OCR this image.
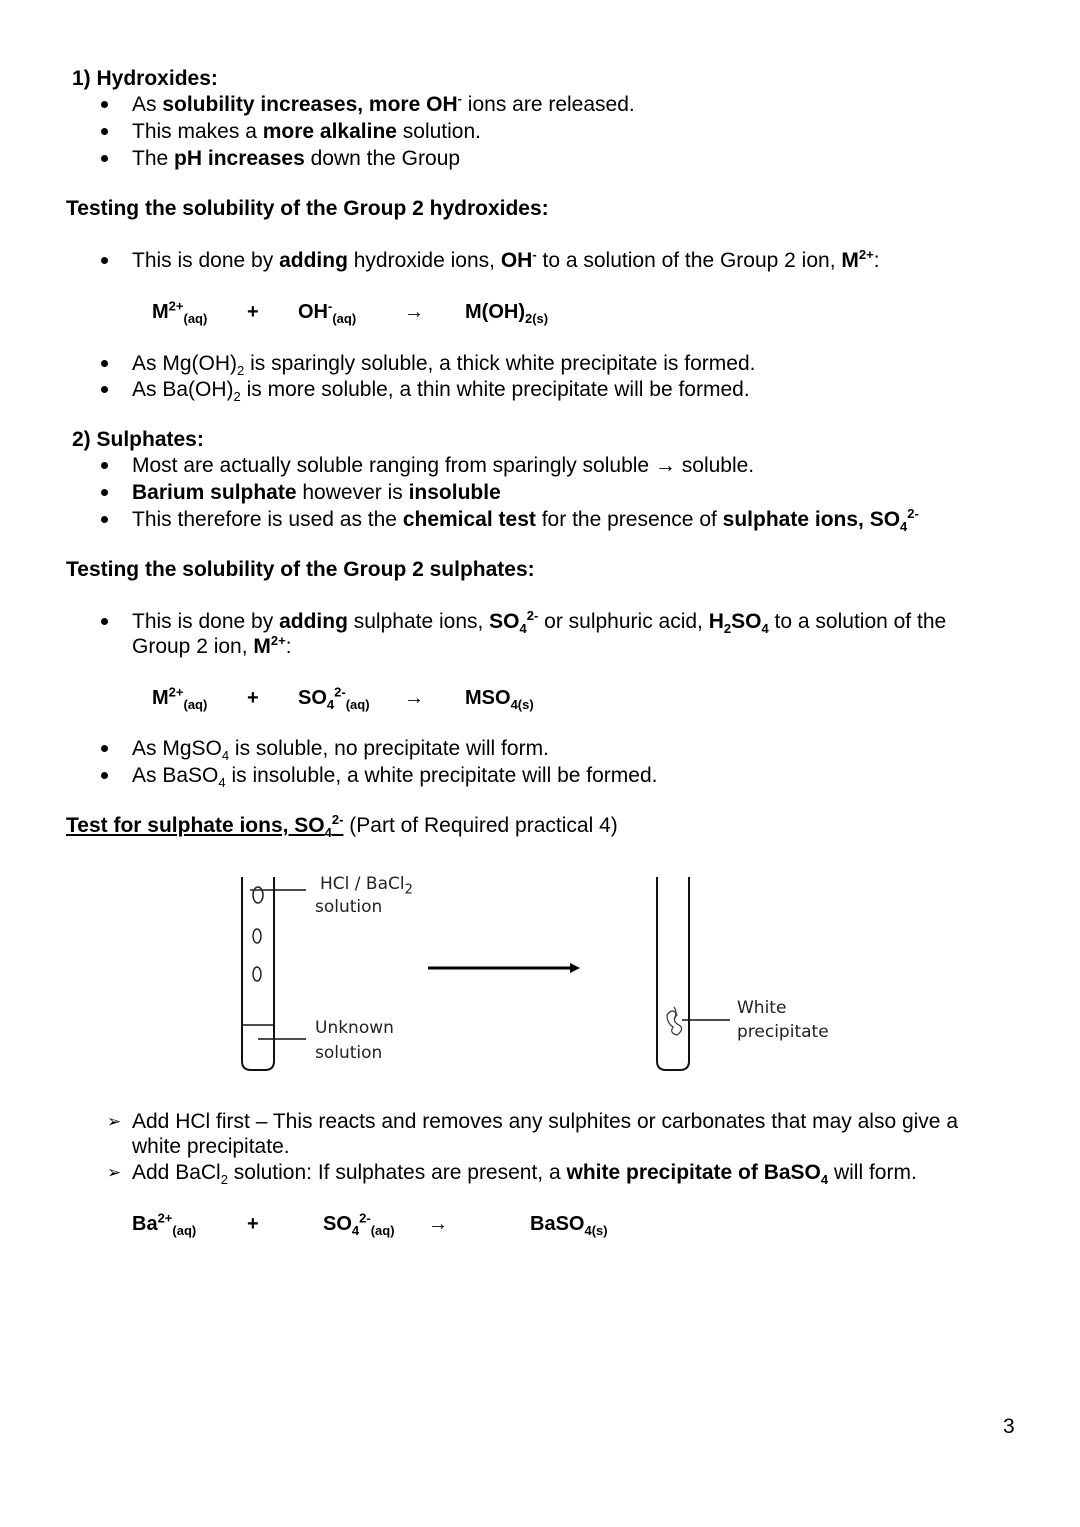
1) Hydroxides:
As solubility increases, more OH- ions are released.
This makes a more alkaline solution.
The pH increases down the Group
Testing the solubility of the Group 2 hydroxides:
This is done by adding hydroxide ions, OH- to a solution of the Group 2 ion, $M^{2+}$:
$M^{2+}_{(aq)} + OH^-_{(aq)} \to M(OH)_{2(s)}$
As $Mg(OH)_2$ is sparingly soluble, a thick white precipitate is formed.
As $Ba(OH)_2$ is more soluble, a thin white precipitate will be formed.
2) Sulphates:
Most are actually soluble ranging from sparingly soluble → soluble.
Barium sulphate however is insoluble
This therefore is used as the chemical test for the presence of sulphate ions, $SO_4^{2-}$
Testing the solubility of the Group 2 sulphates:
This is done by adding sulphate ions, $SO_4^{2-}$ or sulphuric acid, $H_2SO_4$ to a solution of the
Group 2 ion, $M^{2+}$:
$M^{2+}_{(aq)} + SO_4^{2-}_{(aq)} \to MSO_{4(s)}$
As MgSO$_4$ is soluble, no precipitate will form.
As BaSO$_4$ is insoluble, a white precipitate will be formed.
Test for sulphate ions, $SO_4^{2-}$ (Part of Required practical 4)
HCl / BaCl$_2$
solution
Unknown
solution
White
precipitate
➢ Add HCl first – This reacts and removes any sulphites or carbonates that may also give a
white precipitate.
➢ Add BaCl$_2$ solution: If sulphates are present, a white precipitate of BaSO$_4$ will form.
$Ba^{2+}_{(aq)}$	+	$SO_4^{2-}_{(aq)}$ →	BaSO$_{4(s)}$
3
